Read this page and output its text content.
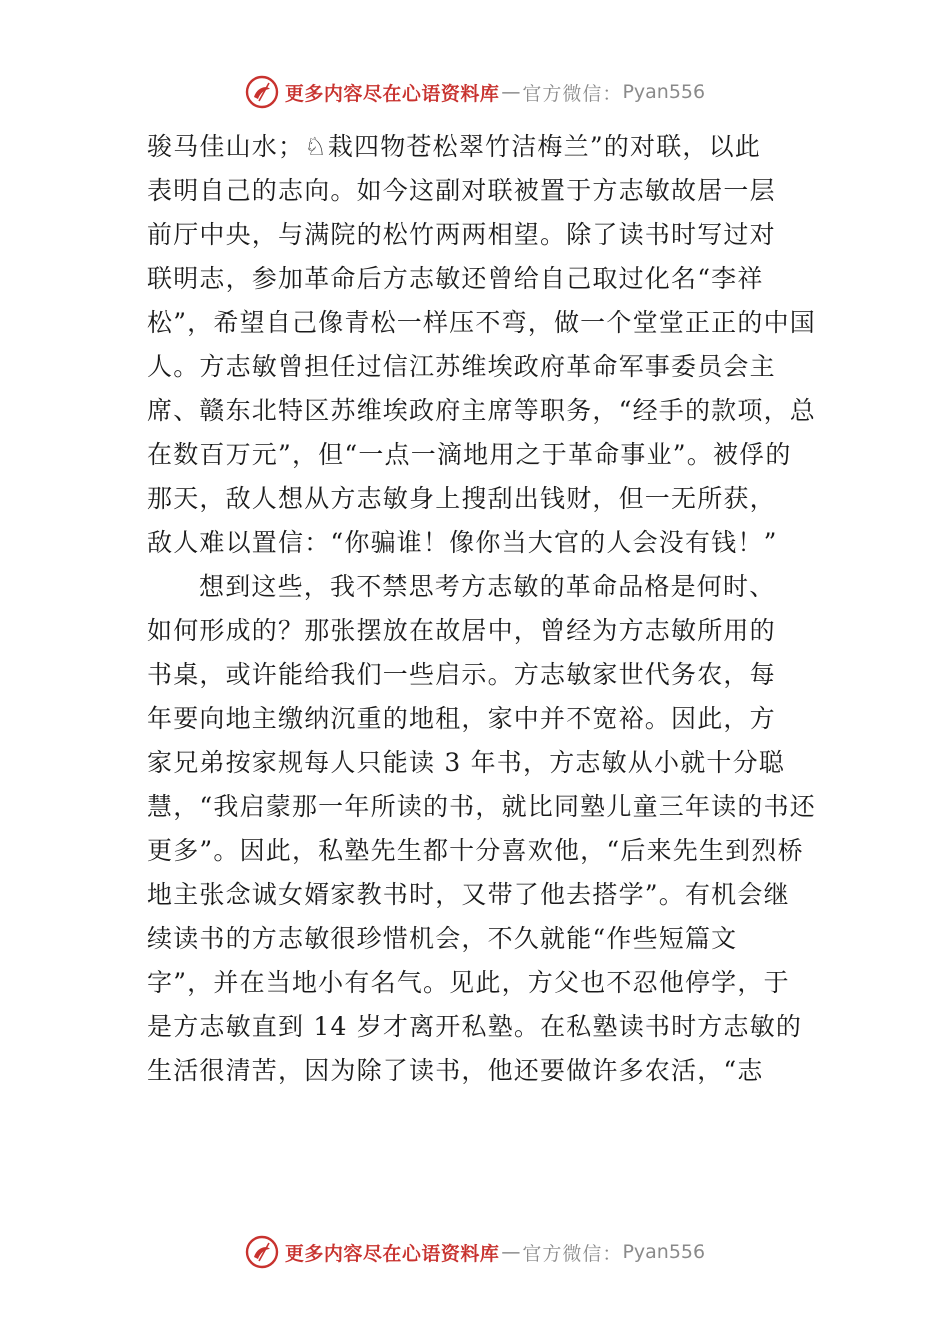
更多内容尽在心语资料库 — 官方微信： Pyan556
骏马佳山水；♘栽四物苍松翠竹洁梅兰”的对联，以此
表明自己的志向。如今这副对联被置于方志敏故居一层
前厅中央，与满院的松竹两两相望。除了读书时写过对
联明志，参加革命后方志敏还曾给自己取过化名“李祥
松”，希望自己像青松一样压不弯，做一个堂堂正正的中国
人。方志敏曾担任过信江苏维埃政府革命军事委员会主
席、赣东北特区苏维埃政府主席等职务，“经手的款项，总
在数百万元”，但“一点一滴地用之于革命事业”。被俘的
那天，敌人想从方志敏身上搜刮出钱财，但一无所获，
敌人难以置信：“你骗谁！像你当大官的人会没有钱！”
想到这些，我不禁思考方志敏的革命品格是何时、
如何形成的？那张摆放在故居中，曾经为方志敏所用的
书桌，或许能给我们一些启示。方志敏家世代务农，每
年要向地主缴纳沉重的地租，家中并不宽裕。因此，方
家兄弟按家规每人只能读 3 年书，方志敏从小就十分聪
慧，“我启蒙那一年所读的书，就比同塾儿童三年读的书还
更多”。因此，私塾先生都十分喜欢他，“后来先生到烈桥
地主张念诚女婿家教书时，又带了他去搭学”。有机会继
续读书的方志敏很珍惜机会，不久就能“作些短篇文
字”，并在当地小有名气。见此，方父也不忍他停学，于
是方志敏直到 14 岁才离开私塾。在私塾读书时方志敏的
生活很清苦，因为除了读书，他还要做许多农活，“志
更多内容尽在心语资料库 — 官方微信： Pyan556
